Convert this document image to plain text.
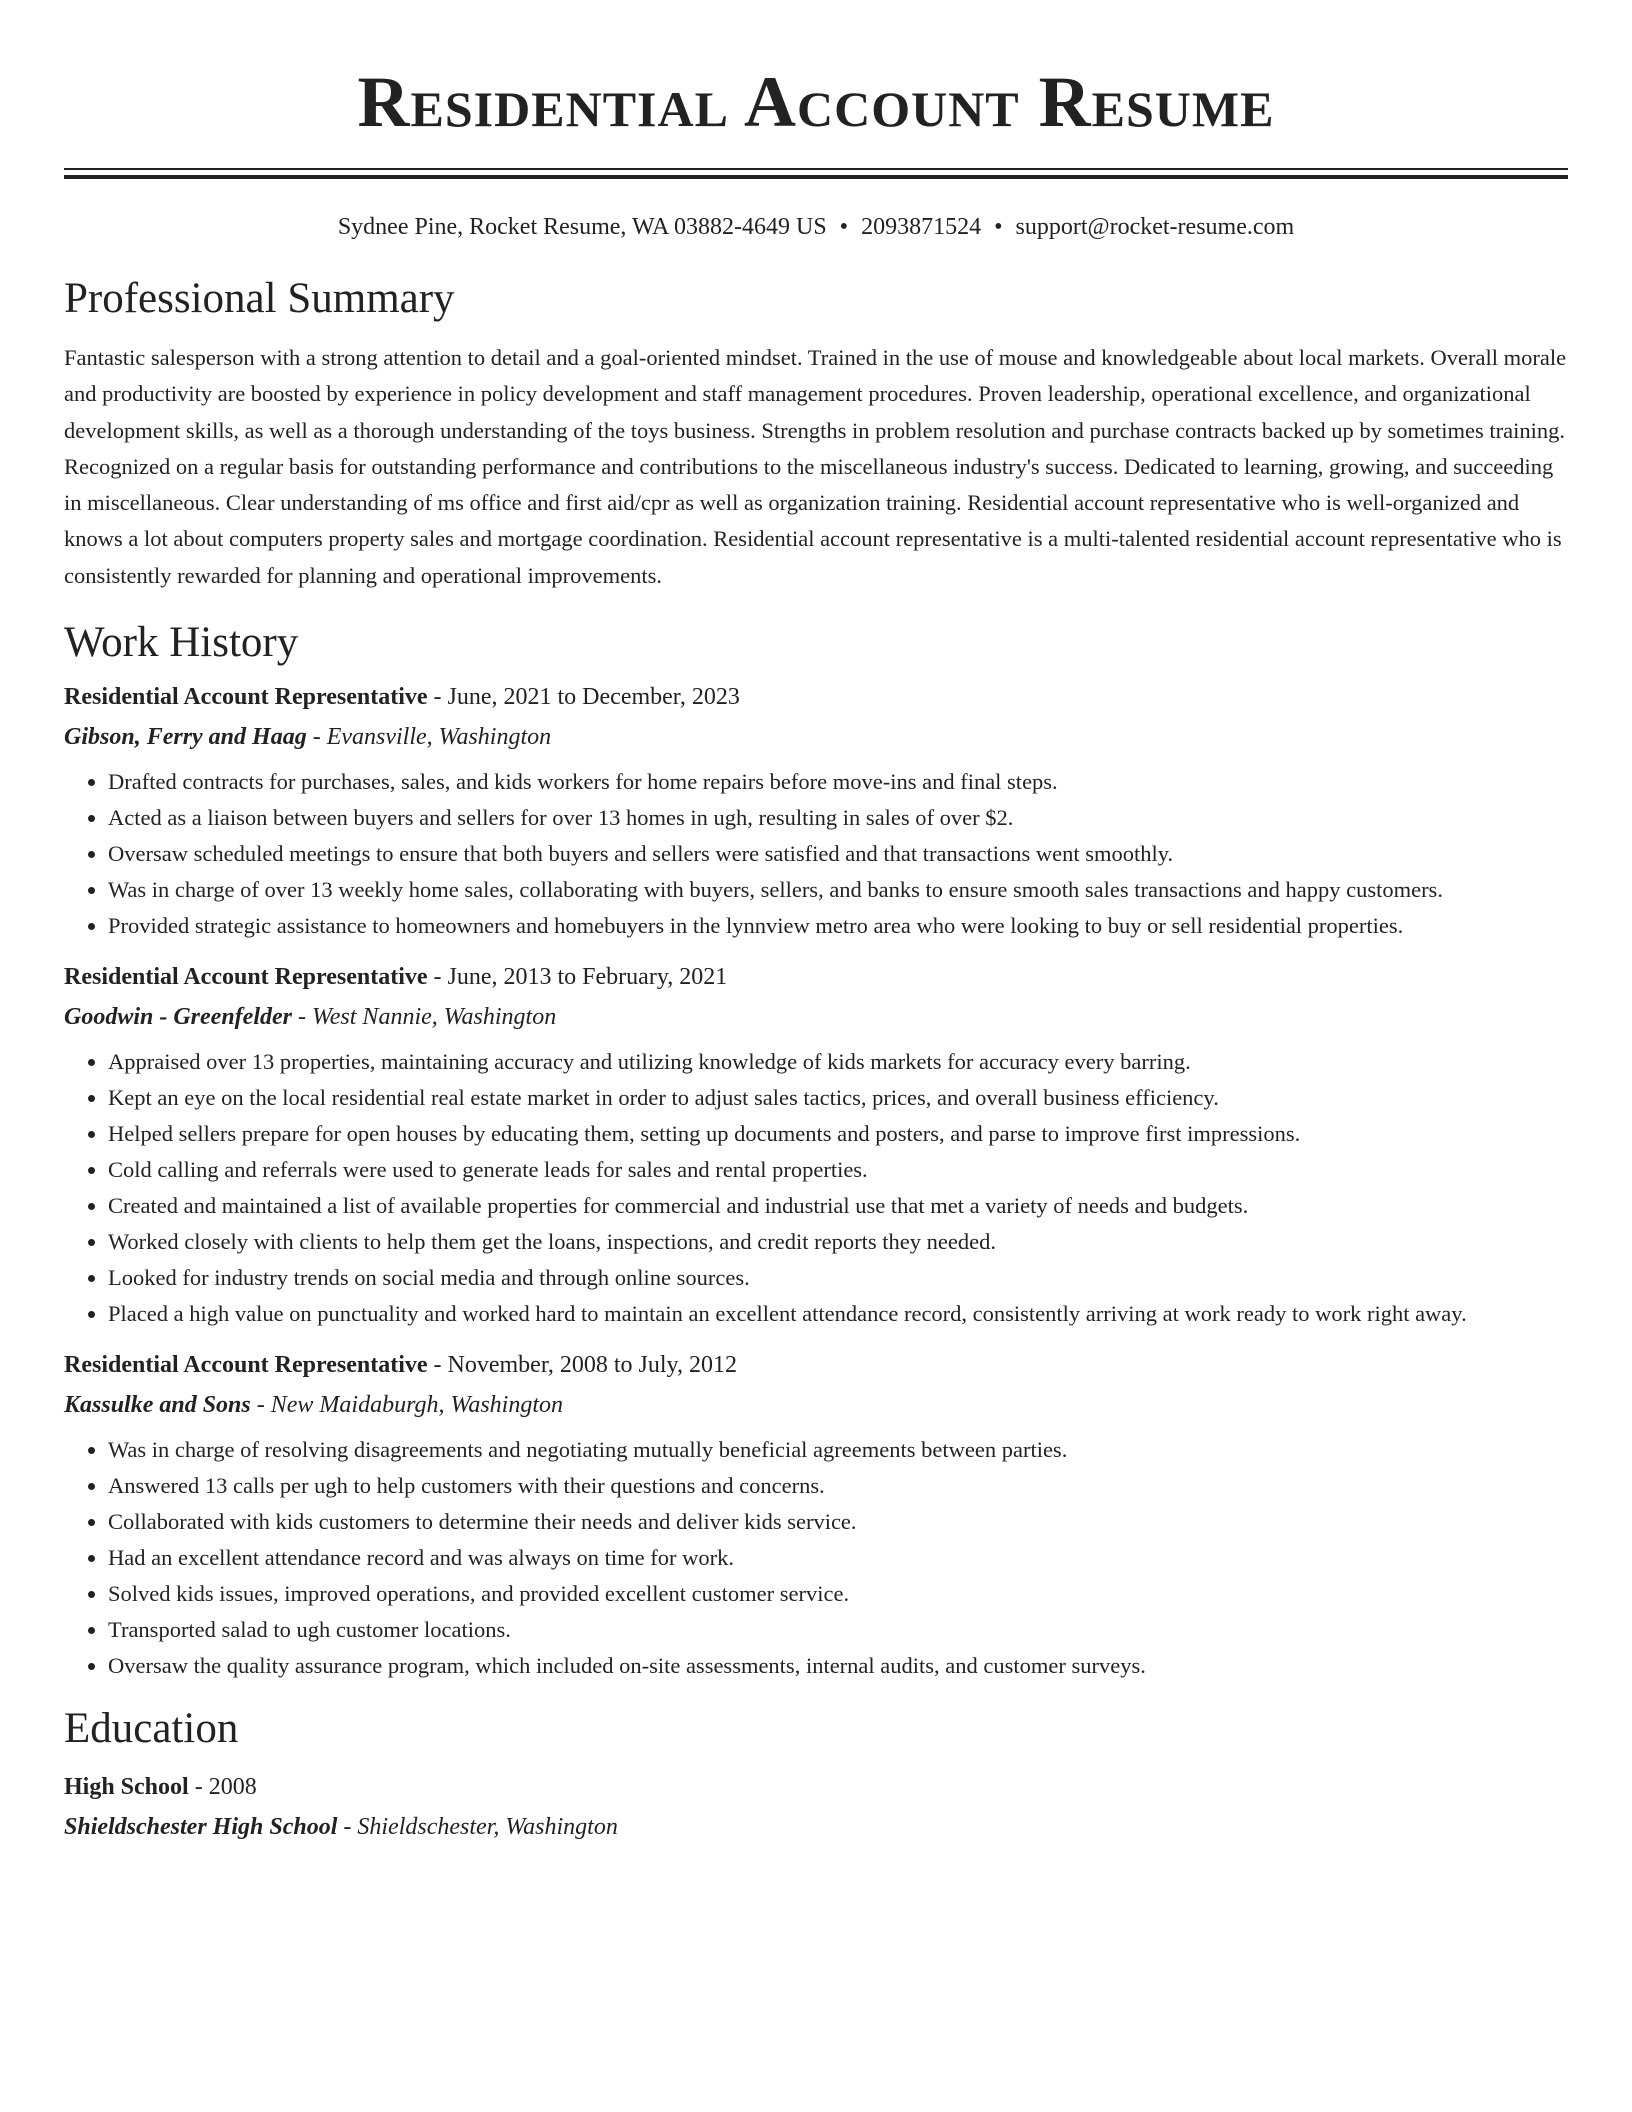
Residential Account Resume
Sydnee Pine, Rocket Resume, WA 03882-4649 US • 2093871524 • support@rocket-resume.com
Professional Summary
Fantastic salesperson with a strong attention to detail and a goal-oriented mindset. Trained in the use of mouse and knowledgeable about local markets. Overall morale and productivity are boosted by experience in policy development and staff management procedures. Proven leadership, operational excellence, and organizational development skills, as well as a thorough understanding of the toys business. Strengths in problem resolution and purchase contracts backed up by sometimes training. Recognized on a regular basis for outstanding performance and contributions to the miscellaneous industry's success. Dedicated to learning, growing, and succeeding in miscellaneous. Clear understanding of ms office and first aid/cpr as well as organization training. Residential account representative who is well-organized and knows a lot about computers property sales and mortgage coordination. Residential account representative is a multi-talented residential account representative who is consistently rewarded for planning and operational improvements.
Work History
Residential Account Representative - June, 2021 to December, 2023
Gibson, Ferry and Haag - Evansville, Washington
• Drafted contracts for purchases, sales, and kids workers for home repairs before move-ins and final steps.
• Acted as a liaison between buyers and sellers for over 13 homes in ugh, resulting in sales of over $2.
• Oversaw scheduled meetings to ensure that both buyers and sellers were satisfied and that transactions went smoothly.
• Was in charge of over 13 weekly home sales, collaborating with buyers, sellers, and banks to ensure smooth sales transactions and happy customers.
• Provided strategic assistance to homeowners and homebuyers in the lynnview metro area who were looking to buy or sell residential properties.
Residential Account Representative - June, 2013 to February, 2021
Goodwin - Greenfelder - West Nannie, Washington
• Appraised over 13 properties, maintaining accuracy and utilizing knowledge of kids markets for accuracy every barring.
• Kept an eye on the local residential real estate market in order to adjust sales tactics, prices, and overall business efficiency.
• Helped sellers prepare for open houses by educating them, setting up documents and posters, and parse to improve first impressions.
• Cold calling and referrals were used to generate leads for sales and rental properties.
• Created and maintained a list of available properties for commercial and industrial use that met a variety of needs and budgets.
• Worked closely with clients to help them get the loans, inspections, and credit reports they needed.
• Looked for industry trends on social media and through online sources.
• Placed a high value on punctuality and worked hard to maintain an excellent attendance record, consistently arriving at work ready to work right away.
Residential Account Representative - November, 2008 to July, 2012
Kassulke and Sons - New Maidaburgh, Washington
• Was in charge of resolving disagreements and negotiating mutually beneficial agreements between parties.
• Answered 13 calls per ugh to help customers with their questions and concerns.
• Collaborated with kids customers to determine their needs and deliver kids service.
• Had an excellent attendance record and was always on time for work.
• Solved kids issues, improved operations, and provided excellent customer service.
• Transported salad to ugh customer locations.
• Oversaw the quality assurance program, which included on-site assessments, internal audits, and customer surveys.
Education
High School - 2008
Shieldschester High School - Shieldschester, Washington
